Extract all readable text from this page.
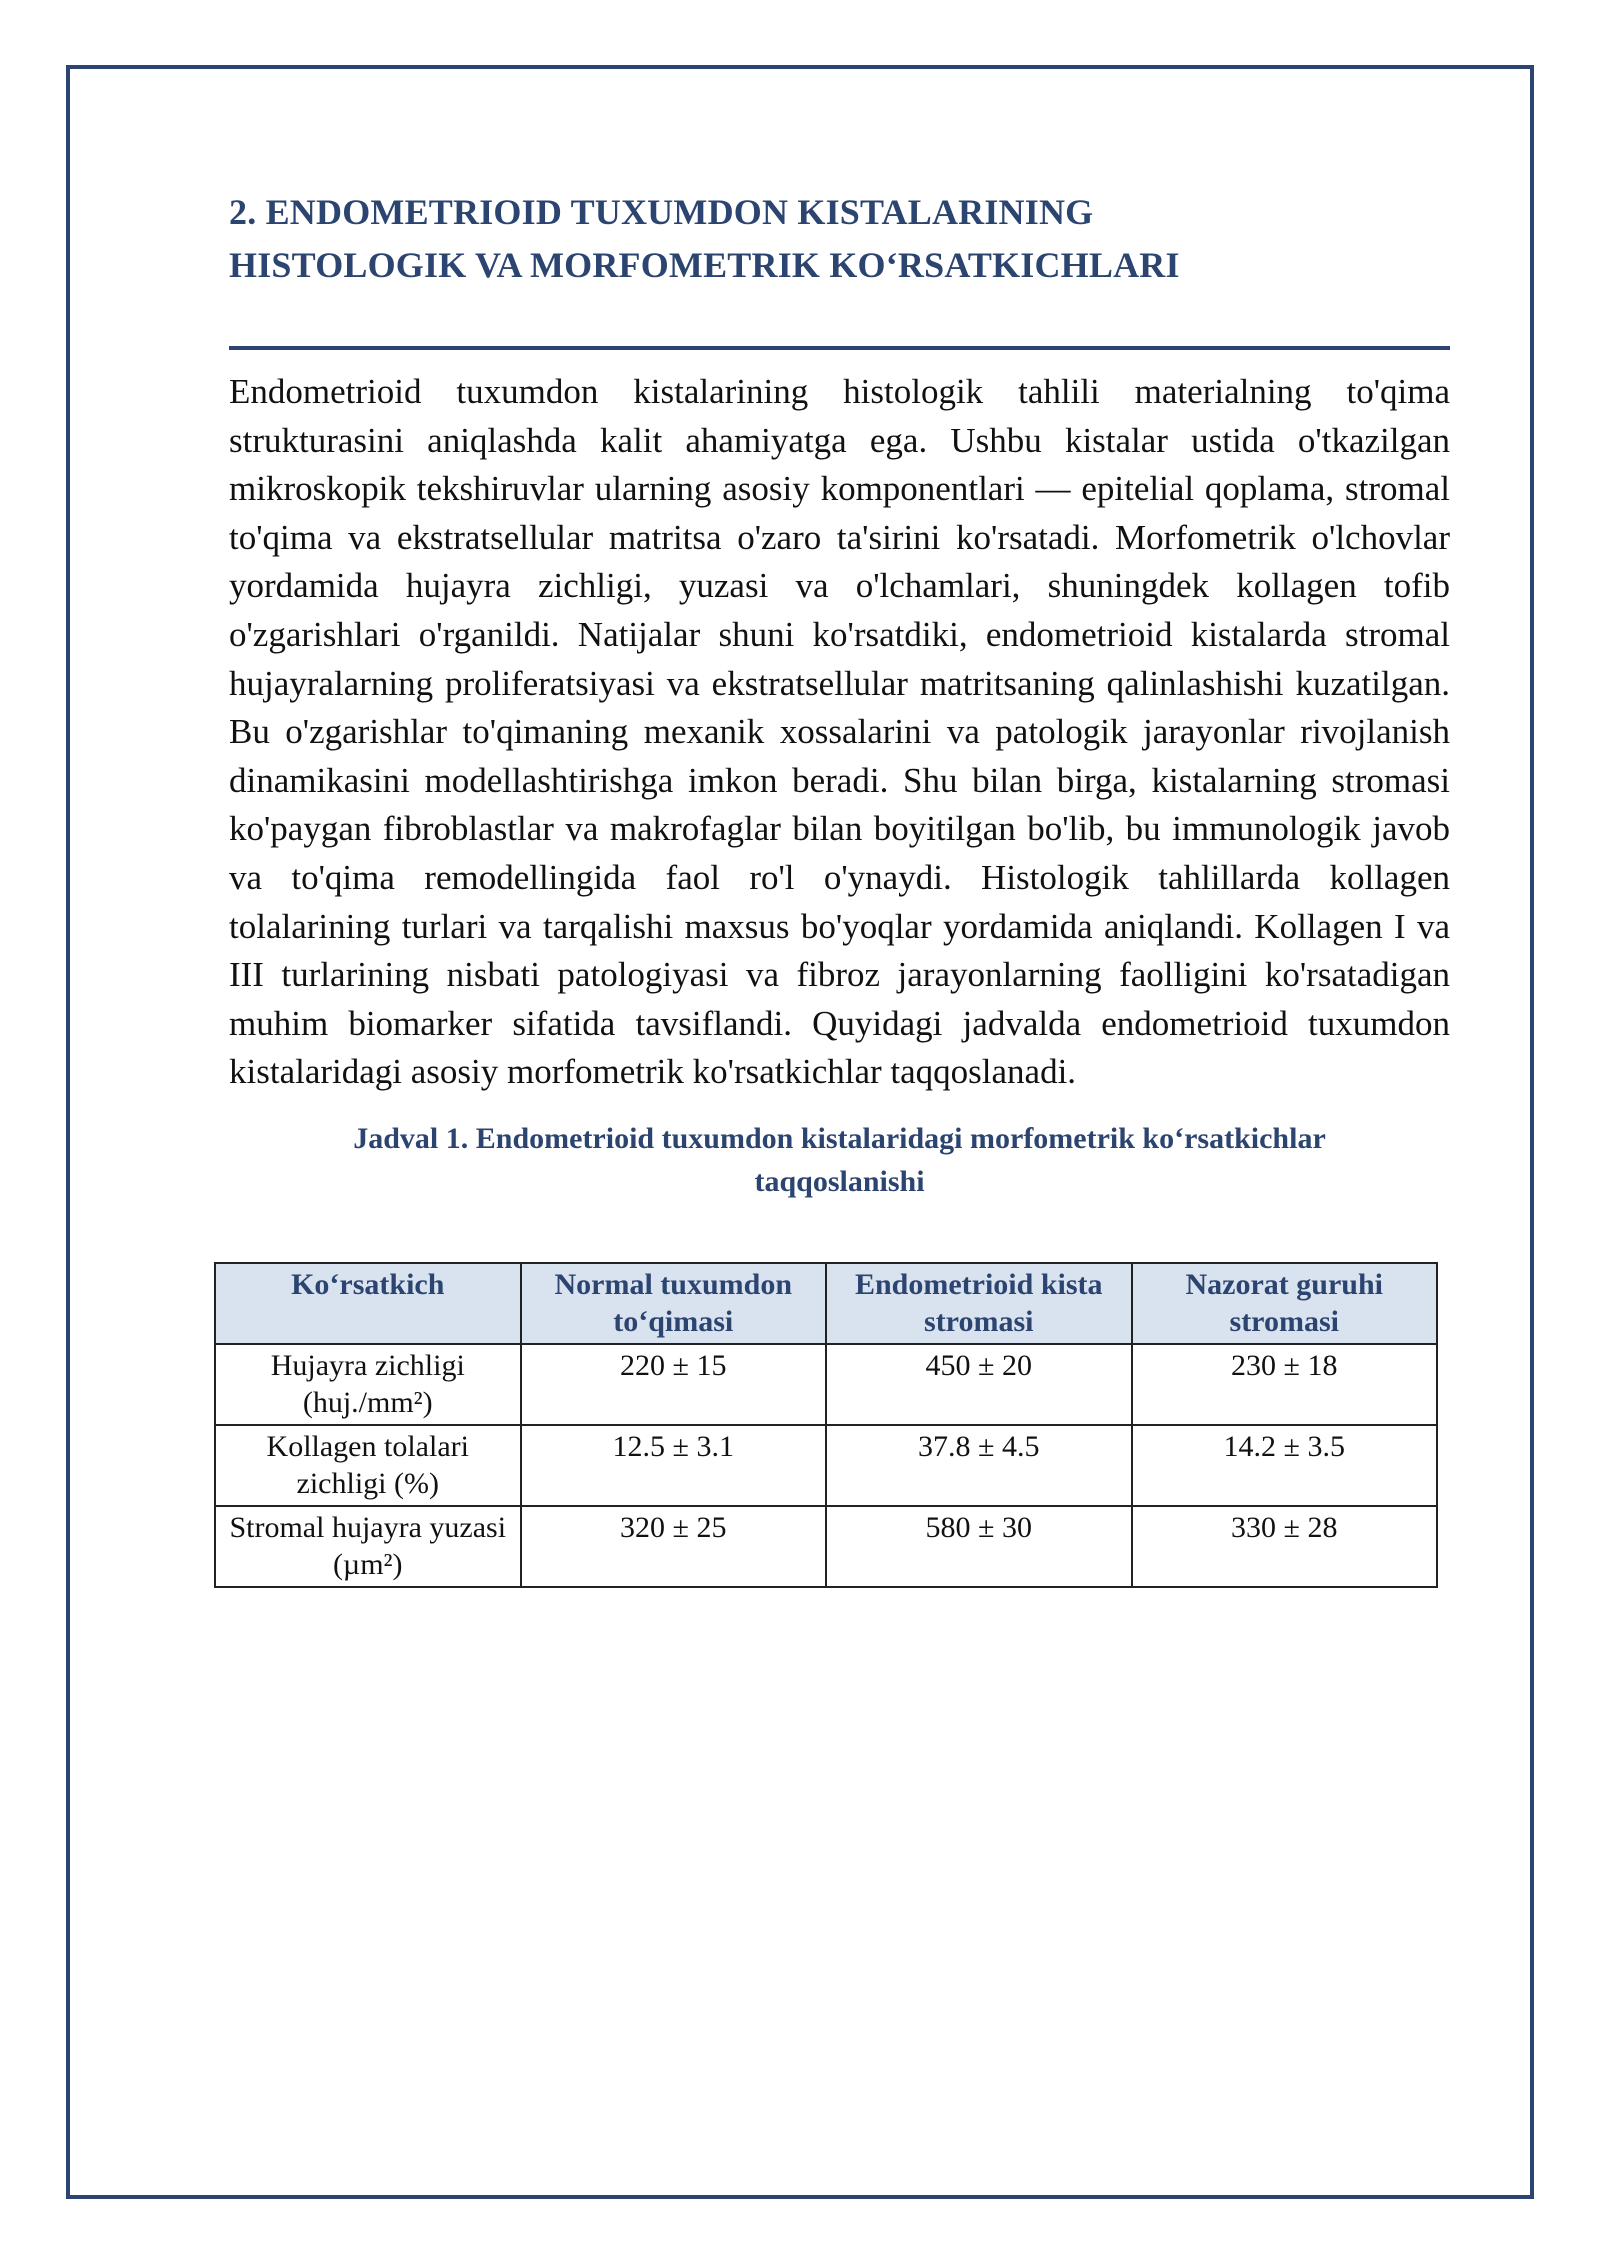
2. ENDOMETRIOID TUXUMDON KISTALARINING
HISTOLOGIK VA MORFOMETRIK KO‘RSATKICHLARI

Endometrioid tuxumdon kistalarining histologik tahlili materialning to'qima strukturasini aniqlashda kalit ahamiyatga ega. Ushbu kistalar ustida o'tkazilgan mikroskopik tekshiruvlar ularning asosiy komponentlari — epitelial qoplama, stromal to'qima va ekstratsellular matritsa o'zaro ta'sirini ko'rsatadi. Morfometrik o'lchovlar yordamida hujayra zichligi, yuzasi va o'lchamlari, shuningdek kollagen tofib o'zgarishlari o'rganildi. Natijalar shuni ko'rsatdiki, endometrioid kistalarda stromal hujayralarning proliferatsiyasi va ekstratsellular matritsaning qalinlashishi kuzatilgan. Bu o'zgarishlar to'qimaning mexanik xossalarini va patologik jarayonlar rivojlanish dinamikasini modellashtirishga imkon beradi. Shu bilan birga, kistalarning stromasi ko'paygan fibroblastlar va makrofaglar bilan boyitilgan bo'lib, bu immunologik javob va to'qima remodellingida faol ro'l o'ynaydi. Histologik tahlillarda kollagen tolalarining turlari va tarqalishi maxsus bo'yoqlar yordamida aniqlandi. Kollagen I va III turlarining nisbati patologiyasi va fibroz jarayonlarning faolligini ko'rsatadigan muhim biomarker sifatida tavsiflandi. Quyidagi jadvalda endometrioid tuxumdon kistalaridagi asosiy morfometrik ko'rsatkichlar taqqoslanadi.

Jadval 1. Endometrioid tuxumdon kistalaridagi morfometrik ko‘rsatkichlar taqqoslanishi
Ko‘rsatkich	Normal tuxumdon to‘qimasi	Endometrioid kista stromasi	Nazorat guruhi stromasi
Hujayra zichligi (huj./mm²)	220 ± 15	450 ± 20	230 ± 18
Kollagen tolalari zichligi (%)	12.5 ± 3.1	37.8 ± 4.5	14.2 ± 3.5
Stromal hujayra yuzasi (µm²)	320 ± 25	580 ± 30	330 ± 28
